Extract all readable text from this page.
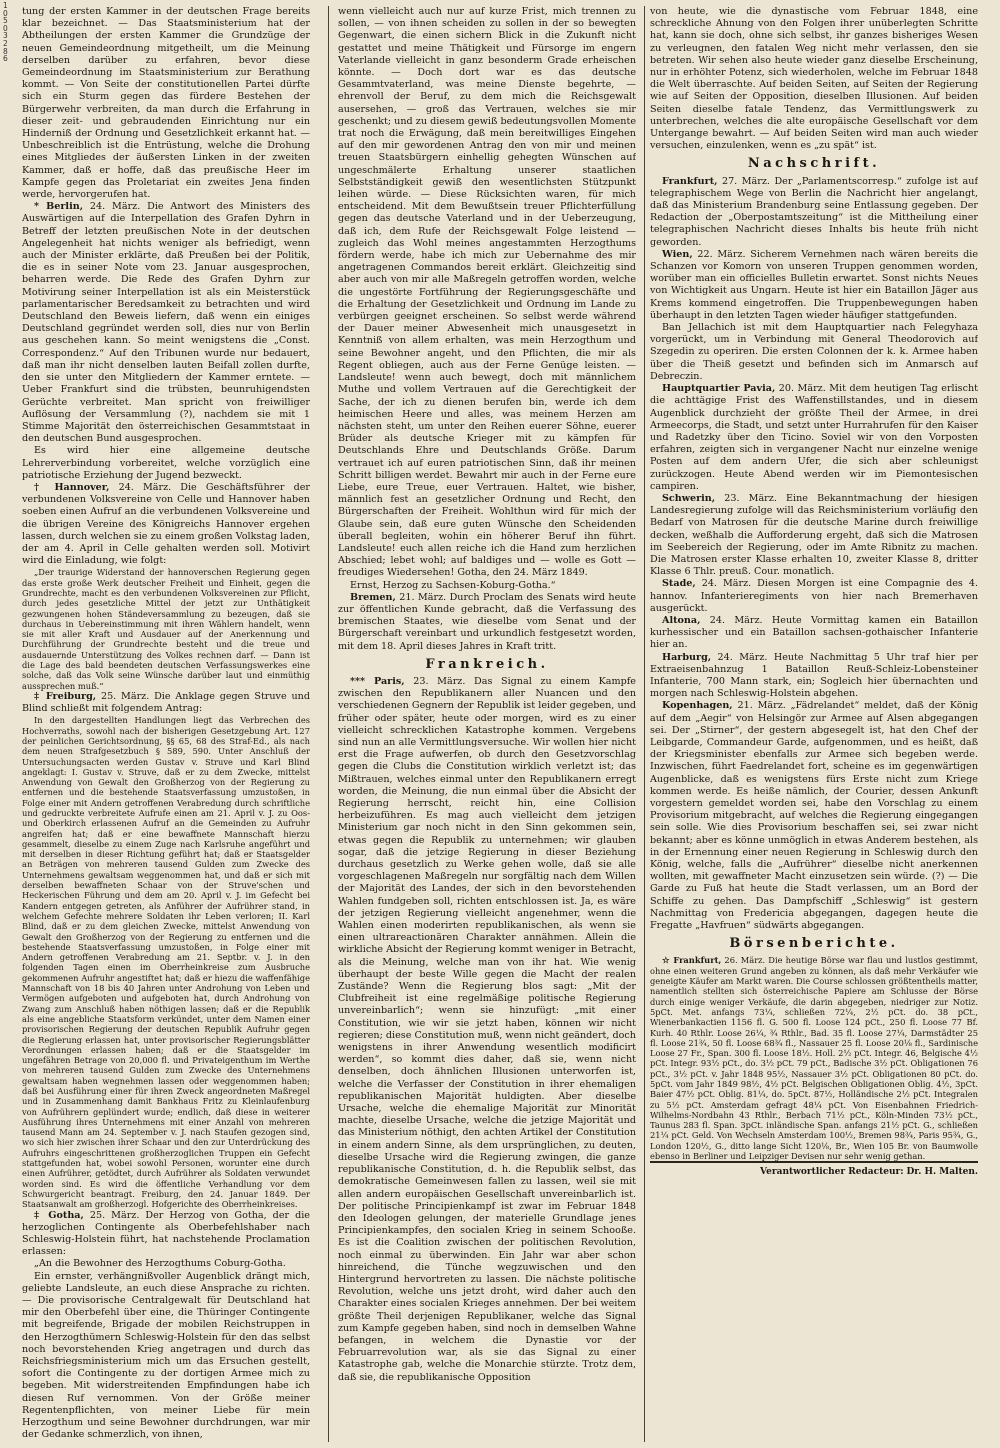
10503286

tung der ersten Kammer in der deutschen Frage bereits klar bezeichnet. — Das Staatsministerium hat der Abtheilungen der ersten Kammer die Grundzüge der neuen Gemeindeordnung mitgetheilt, um die Meinung derselben darüber zu erfahren, bevor diese Gemeindeordnung im Staatsministerium zur Berathung kommt. — Von Seite der constitutionellen Partei dürfte sich ein Sturm gegen das fürdere Bestehen der Bürgerwehr verbreiten, da man durch die Erfahrung in dieser zeit- und gebraudenden Einrichtung nur ein Hinderniß der Ordnung und Gesetzlichkeit erkannt hat. — Unbeschreiblich ist die Entrüstung, welche die Drohung eines Mitgliedes der äußersten Linken in der zweiten Kammer, daß er hoffe, daß das preußische Heer im Kampfe gegen das Proletariat ein zweites Jena finden werde, hervorgerufen hat.

* Berlin, 24. März. Die Antwort des Ministers des Auswärtigen auf die Interpellation des Grafen Dyhrn in Betreff der letzten preußischen Note in der deutschen Angelegenheit hat nichts weniger als befriedigt, wenn auch der Minister erklärte, daß Preußen bei der Politik, die es in seiner Note vom 23. Januar ausgesprochen, beharren werde. Die Rede des Grafen Dyhrn zur Motivirung seiner Interpellation ist als ein Meisterstück parlamentarischer Beredsamkeit zu betrachten und wird Deutschland den Beweis liefern, daß wenn ein einiges Deutschland gegründet werden soll, dies nur von Berlin aus geschehen kann. So meint wenigstens die „Const. Correspondenz.“ Auf den Tribunen wurde nur bedauert, daß man ihr nicht denselben lauten Beifall zollen durfte, den sie unter den Mitgliedern der Kammer erntete. — Ueber Frankfurt sind die trübsten, beunruhigendsten Gerüchte verbreitet. Man spricht von freiwilliger Auflösung der Versammlung (?), nachdem sie mit 1 Stimme Majorität den österreichischen Gesammtstaat in den deutschen Bund ausgesprochen.

Es wird hier eine allgemeine deutsche Lehrerverbindung vorbereitet, welche vorzüglich eine patriotische Erziehung der Jugend bezweckt.

† Hannover, 24. März. Die Geschäftsführer der verbundenen Volksvereine von Celle und Hannover haben soeben einen Aufruf an die verbundenen Volksvereine und die übrigen Vereine des Königreichs Hannover ergehen lassen, durch welchen sie zu einem großen Volkstag laden, der am 4. April in Celle gehalten werden soll. Motivirt wird die Einladung, wie folgt:

„Der traurige Widerstand der hannoverschen Regierung gegen das erste große Werk deutscher Freiheit und Einheit, gegen die Grundrechte, macht es den verbundenen Volksvereinen zur Pflicht, durch jedes gesetzliche Mittel der jetzt zur Unthätigkeit gezwungenen hohen Ständeversammlung zu bezeugen, daß sie durchaus in Uebereinstimmung mit ihren Wählern handelt, wenn sie mit aller Kraft und Ausdauer auf der Anerkennung und Durchführung der Grundrechte besteht und die treue und ausdauernde Unterstützung des Volkes rechnen darf. — Dann ist die Lage des bald beendeten deutschen Verfassungswerkes eine solche, daß das Volk seine Wünsche darüber laut und einmüthig aussprechen muß.“

‡ Freiburg, 25. März. Die Anklage gegen Struve und Blind schließt mit folgendem Antrag:

In den dargestellten Handlungen liegt das Verbrechen des Hochverraths, sowohl nach der bisherigen Gesetzgebung Art. 127 der peinlichen Gerichtsordnung, §§ 65, 68 des Straf-Ed., als nach dem neuen Strafgesetzbuch § 589, 590. Unter Anschluß der Untersuchungsacten werden Gustav v. Struve und Karl Blind angeklagt: I. Gustav v. Struve, daß er zu dem Zwecke, mittelst Anwendung von Gewalt den Großherzog von der Regierung zu entfernen und die bestehende Staatsverfassung umzustoßen, in Folge einer mit Andern getroffenen Verabredung durch schriftliche und gedruckte verbreitete Aufrufe einen am 21. April v. J. zu Oos- und Oberkirch erlassenen Aufruf an die Gemeinden zu Aufruhr angreifen hat; daß er eine bewaffnete Mannschaft hierzu gesammelt, dieselbe zu einem Zuge nach Karlsruhe angeführt und mit derselben in dieser Richtung geführt hat; daß er Staatsgelder an Beträgen von mehreren tausend Gulden zum Zwecke des Unternehmens gewaltsam weggenommen hat, und daß er sich mit derselben bewaffneten Schaar von der Struve'schen und Heckerischen Führung und dem am 20. April v. J. im Gefecht bei Kandern entgegen getreten, als Anführer der Aufrührer stand, in welchem Gefechte mehrere Soldaten ihr Leben verloren; II. Karl Blind, daß er zu dem gleichen Zwecke, mittelst Anwendung von Gewalt den Großherzog von der Regierung zu entfernen und die bestehende Staatsverfassung umzustoßen, in Folge einer mit Andern getroffenen Verabredung am 21. Septbr. v. J. in den folgenden Tagen einen im Oberrheinkreise zum Ausbruche gekommenen Aufruhr angestiftet hat; daß er hiezu die waffenfähige Mannschaft von 18 bis 40 Jahren unter Androhung von Leben und Vermögen aufgeboten und aufgeboten hat, durch Androhung von Zwang zum Anschluß haben nöthigen lassen; daß er die Republik als eine angebliche Staatsform verkündet, unter dem Namen einer provisorischen Regierung der deutschen Republik Aufruhr gegen die Regierung erlassen hat, unter provisorischer Regierungsblätter Verordnungen erlassen haben; daß er die Staatsgelder im ungefähren Betrage von 20,000 fl. und Privateigenthum im Werthe von mehreren tausend Gulden zum Zwecke des Unternehmens gewaltsam haben wegnehmen lassen oder weggenommen haben; daß bei Ausführung einer für ihren Zweck angeordneten Maßregel und in Zusammenhang damit Bankhaus Fritz zu Kleinlaufenburg von Aufrührern geplündert wurde; endlich, daß diese in weiterer Ausführung ihres Unternehmens mit einer Anzahl von mehreren tausend Mann am 24. September v. J. nach Staufen gezogen sind, wo sich hier zwischen ihrer Schaar und den zur Unterdrückung des Aufruhrs eingeschrittenen großherzoglichen Truppen ein Gefecht stattgefunden hat, wobei sowohl Personen, worunter eine durch einen Aufrührer, getödtet, durch Aufrührer als Soldaten verwundet worden sind. Es wird die öffentliche Verhandlung vor dem Schwurgericht beantragt. Freiburg, den 24. Januar 1849. Der Staatsanwalt am großherzogl. Hofgerichte des Oberrheinkreises.

‡ Gotha, 25. März. Der Herzog von Gotha, der die herzoglichen Contingente als Oberbefehlshaber nach Schleswig-Holstein führt, hat nachstehende Proclamation erlassen:

„An die Bewohner des Herzogthums Coburg-Gotha.

Ein ernster, verhängnißvoller Augenblick drängt mich, geliebte Landsleute, an euch diese Ansprache zu richten. — Die provisorische Centralgewalt für Deutschland hat mir den Oberbefehl über eine, die Thüringer Contingente mit begreifende, Brigade der mobilen Reichstruppen in den Herzogthümern Schleswig-Holstein für den das selbst noch bevorstehenden Krieg angetragen und durch das Reichsfriegsministerium mich um das Ersuchen gestellt, sofort die Contingente zu der dortigen Armee mich zu begeben. Mit widerstreitenden Empfindungen habe ich diesen Ruf vernommen. Von der Größe meiner Regentenpflichten, von meiner Liebe für mein Herzogthum und seine Bewohner durchdrungen, war mir der Gedanke schmerzlich, von ihnen,

wenn vielleicht auch nur auf kurze Frist, mich trennen zu sollen, — von ihnen scheiden zu sollen in der so bewegten Gegenwart, die einen sichern Blick in die Zukunft nicht gestattet und meine Thätigkeit und Fürsorge im engern Vaterlande vielleicht in ganz besonderm Grade erheischen könnte. — Doch dort war es das deutsche Gesammtvaterland, was meine Dienste begehrte, — ehrenvoll der Beruf, zu dem mich die Reichsgewalt ausersehen, — groß das Vertrauen, welches sie mir geschenkt; und zu diesem gewiß bedeutungsvollen Momente trat noch die Erwägung, daß mein bereitwilliges Eingehen auf den mir gewordenen Antrag den von mir und meinen treuen Staatsbürgern einhellig gehegten Wünschen auf ungeschmälerte Erhaltung unserer staatlichen Selbstständigkeit gewiß den wesentlichsten Stützpunkt leihen würde. — Diese Rücksichten waren, für mich entscheidend. Mit dem Bewußtsein treuer Pflichterfüllung gegen das deutsche Vaterland und in der Ueberzeugung, daß ich, dem Rufe der Reichsgewalt Folge leistend — zugleich das Wohl meines angestammten Herzogthums fördern werde, habe ich mich zur Uebernahme des mir angetragenen Commandos bereit erklärt. Gleichzeitig sind aber auch von mir alle Maßregeln getroffen worden, welche die ungestörte Fortführung der Regierungsgeschäfte und die Erhaltung der Gesetzlichkeit und Ordnung im Lande zu verbürgen geeignet erscheinen. So selbst werde während der Dauer meiner Abwesenheit mich unausgesetzt in Kenntniß von allem erhalten, was mein Herzogthum und seine Bewohner angeht, und den Pflichten, die mir als Regent obliegen, auch aus der Ferne Genüge leisten. — Landsleute! wenn auch bewegt, doch mit männlichem Muthe und vollem Vertrauen auf die Gerechtigkeit der Sache, der ich zu dienen berufen bin, werde ich dem heimischen Heere und alles, was meinem Herzen am nächsten steht, um unter den Reihen euerer Söhne, euerer Brüder als deutsche Krieger mit zu kämpfen für Deutschlands Ehre und Deutschlands Größe. Darum vertrauet ich auf euren patriotischen Sinn, daß ihr meinen Schritt billigen werdet. Bewahrt mir auch in der Ferne eure Liebe, eure Treue, euer Vertrauen. Haltet, wie bisher, männlich fest an gesetzlicher Ordnung und Recht, den Bürgerschaften der Freiheit. Wohlthun wird für mich der Glaube sein, daß eure guten Wünsche den Scheidenden überall begleiten, wohin ein höherer Beruf ihn führt. Landsleute! euch allen reiche ich die Hand zum herzlichen Abschied; lebet wohl; auf baldiges und — wolle es Gott — freudiges Wiedersehen! Gotha, den 24. März 1849.

Ernst, Herzog zu Sachsen-Koburg-Gotha.“

Bremen, 21. März. Durch Proclam des Senats wird heute zur öffentlichen Kunde gebracht, daß die Verfassung des bremischen Staates, wie dieselbe vom Senat und der Bürgerschaft vereinbart und urkundlich festgesetzt worden, mit dem 18. April dieses Jahres in Kraft tritt.

Frankreich.

*** Paris, 23. März. Das Signal zu einem Kampfe zwischen den Republikanern aller Nuancen und den verschiedenen Gegnern der Republik ist leider gegeben, und früher oder später, heute oder morgen, wird es zu einer vielleicht schrecklichen Katastrophe kommen. Vergebens sind nun an alle Vermittlungsversuche. Wir wollen hier nicht erst die Frage aufwerfen, ob durch den Gesetzvorschlag gegen die Clubs die Constitution wirklich verletzt ist; das Mißtrauen, welches einmal unter den Republikanern erregt worden, die Meinung, die nun einmal über die Absicht der Regierung herrscht, reicht hin, eine Collision herbeizuführen. Es mag auch vielleicht dem jetzigen Ministerium gar noch nicht in den Sinn gekommen sein, etwas gegen die Republik zu unternehmen; wir glauben sogar, daß die jetzige Regierung in dieser Beziehung durchaus gesetzlich zu Werke gehen wolle, daß sie alle vorgeschlagenen Maßregeln nur sorgfältig nach dem Willen der Majorität des Landes, der sich in den bevorstehenden Wahlen fundgeben soll, richten entschlossen ist. Ja, es wäre der jetzigen Regierung vielleicht angenehmer, wenn die Wahlen einen moderirten republikanischen, als wenn sie einen ultrareactionären Charakter annähmen. Allein die wirkliche Absicht der Regierung kommt weniger in Betracht, als die Meinung, welche man von ihr hat. Wie wenig überhaupt der beste Wille gegen die Macht der realen Zustände? Wenn die Regierung blos sagt: „Mit der Clubfreiheit ist eine regelmäßige politische Regierung unvereinbarlich“; wenn sie hinzufügt: „mit einer Constitution, wie wir sie jetzt haben, können wir nicht regieren; diese Constitution muß, wenn nicht geändert, doch wenigstens in ihrer Anwendung wesentlich modificirt werden“, so kommt dies daher, daß sie, wenn nicht denselben, doch ähnlichen Illusionen unterworfen ist, welche die Verfasser der Constitution in ihrer ehemaligen republikanischen Majorität huldigten. Aber dieselbe Ursache, welche die ehemalige Majorität zur Minorität machte, dieselbe Ursache, welche die jetzige Majorität und das Ministerium nöthigt, den achten Artikel der Constitution in einem andern Sinne, als dem ursprünglichen, zu deuten, dieselbe Ursache wird die Regierung zwingen, die ganze republikanische Constitution, d. h. die Republik selbst, das demokratische Gemeinwesen fallen zu lassen, weil sie mit allen andern europäischen Gesellschaft unvereinbarlich ist. Der politische Principienkampf ist zwar im Februar 1848 den Ideologen gelungen, der materielle Grundlage jenes Principienkampfes, den socialen Krieg in seinem Schooße. Es ist die Coalition zwischen der politischen Revolution, noch einmal zu überwinden. Ein Jahr war aber schon hinreichend, die Tünche wegzuwischen und den Hintergrund hervortreten zu lassen. Die nächste politische Revolution, welche uns jetzt droht, wird daher auch den Charakter eines socialen Krieges annehmen. Der bei weitem größte Theil derjenigen Republikaner, welche das Signal zum Kampfe gegeben haben, sind noch in demselben Wahne befangen, in welchem die Dynastie vor der Februarrevolution war, als sie das Signal zu einer Katastrophe gab, welche die Monarchie stürzte. Trotz dem, daß sie, die republikanische Opposition

von heute, wie die dynastische vom Februar 1848, eine schreckliche Ahnung von den Folgen ihrer unüberlegten Schritte hat, kann sie doch, ohne sich selbst, ihr ganzes bisheriges Wesen zu verleugnen, den fatalen Weg nicht mehr verlassen, den sie betreten. Wir sehen also heute wieder ganz dieselbe Erscheinung, nur in erhöhter Potenz, sich wiederholen, welche im Februar 1848 die Welt überraschte. Auf beiden Seiten, auf Seiten der Regierung wie auf Seiten der Opposition, dieselben Illusionen. Auf beiden Seiten dieselbe fatale Tendenz, das Vermittlungswerk zu unterbrechen, welches die alte europäische Gesellschaft vor dem Untergange bewahrt. — Auf beiden Seiten wird man auch wieder versuchen, einzulenken, wenn es „zu spät“ ist.

Nachschrift.

Frankfurt, 27. März. Der „Parlamentscorresp.“ zufolge ist auf telegraphischem Wege von Berlin die Nachricht hier angelangt, daß das Ministerium Brandenburg seine Entlassung gegeben. Der Redaction der „Oberpostamtszeitung“ ist die Mittheilung einer telegraphischen Nachricht dieses Inhalts bis heute früh nicht geworden.

Wien, 22. März. Sicherem Vernehmen nach wären bereits die Schanzen vor Komorn von unseren Truppen genommen worden, worüber man ein officielles Bulletin erwartet. Sonst nichts Neues von Wichtigkeit aus Ungarn. Heute ist hier ein Bataillon Jäger aus Krems kommend eingetroffen. Die Truppenbewegungen haben überhaupt in den letzten Tagen wieder häufiger stattgefunden.

Ban Jellachich ist mit dem Hauptquartier nach Felegyhaza vorgerückt, um in Verbindung mit General Theodorovich auf Szegedin zu operiren. Die ersten Colonnen der k. k. Armee haben über die Theiß gesetzt und befinden sich im Anmarsch auf Debreczin.

Hauptquartier Pavia, 20. März. Mit dem heutigen Tag erlischt die achttägige Frist des Waffenstillstandes, und in diesem Augenblick durchzieht der größte Theil der Armee, in drei Armeecorps, die Stadt, und setzt unter Hurrahrufen für den Kaiser und Radetzky über den Ticino. Soviel wir von den Vorposten erfahren, zeigten sich in vergangener Nacht nur einzelne wenige Posten auf dem andern Ufer, die sich aber schleunigst zurückzogen. Heute Abend werden wir im Piemontesischen campiren.

Schwerin, 23. März. Eine Bekanntmachung der hiesigen Landesregierung zufolge will das Reichsministerium vorläufig den Bedarf von Matrosen für die deutsche Marine durch freiwillige decken, weßhalb die Aufforderung ergeht, daß sich die Matrosen im Seebereich der Regierung, oder im Amte Ribnitz zu machen. Die Matrosen erster Klasse erhalten 10, zweiter Klasse 8, dritter Klasse 6 Thlr. preuß. Cour. monatlich.

Stade, 24. März. Diesen Morgen ist eine Compagnie des 4. hannov. Infanterieregiments von hier nach Bremerhaven ausgerückt.

Altona, 24. März. Heute Vormittag kamen ein Bataillon kurhessischer und ein Bataillon sachsen-gothaischer Infanterie hier an.

Harburg, 24. März. Heute Nachmittag 5 Uhr traf hier per Extraeisenbahnzug 1 Bataillon Reuß-Schleiz-Lobensteiner Infanterie, 700 Mann stark, ein; Sogleich hier übernachten und morgen nach Schleswig-Holstein abgehen.

Kopenhagen, 21. März. „Fädrelandet“ meldet, daß der König auf dem „Aegir“ von Helsingör zur Armee auf Alsen abgegangen sei. Der „Stirner“, der gestern abgesegelt ist, hat den Chef der Leibgarde, Commandeur Garde, aufgenommen, und es heißt, daß der Kriegsminister ebenfalls zur Armee sich begeben werde. Inzwischen, führt Faedrelandet fort, scheine es im gegenwärtigen Augenblicke, daß es wenigstens fürs Erste nicht zum Kriege kommen werde. Es heiße nämlich, der Courier, dessen Ankunft vorgestern gemeldet worden sei, habe den Vorschlag zu einem Provisorium mitgebracht, auf welches die Regierung eingegangen sein solle. Wie dies Provisorium beschaffen sei, sei zwar nicht bekannt; aber es könne unmöglich in etwas Anderem bestehen, als in der Ernennung einer neuen Regierung in Schleswig durch den König, welche, falls die „Aufrührer“ dieselbe nicht anerkennen wollten, mit gewaffneter Macht einzusetzen sein würde. (?) — Die Garde zu Fuß hat heute die Stadt verlassen, um an Bord der Schiffe zu gehen. Das Dampfschiff „Schleswig“ ist gestern Nachmittag von Fredericia abgegangen, dagegen heute die Fregatte „Havfruen“ südwärts abgegangen.

Börsenberichte.

☆ Frankfurt, 26. März. Die heutige Börse war flau und lustlos gestimmt, ohne einen weiteren Grund angeben zu können, als daß mehr Verkäufer wie geneigte Käufer am Markt waren. Die Course schlossen größtentheils matter, namentlich stellten sich österreichische Papiere am Schlusse der Börse durch einige weniger Verkäufe, die darin abgegeben, niedriger zur Notiz. 5pCt. Met. anfangs 73¼, schließen 72¼, 2½ pCt. do. 38 pCt., Wienerbankactien 1156 fl. G. 500 fl. Loose 124 pCt., 250 fl. Loose 77 Bf. Kurh. 40 Rthlr. Loose 26¼, ¾ Rthlr., Bad. 35 fl. Loose 27¼, Darmstädter 25 fl. Loose 21¾, 50 fl. Loose 68¾ fl., Nassauer 25 fl. Loose 20⅛ fl., Sardinische Loose 27 Fr., Span. 300 fl. Loose 18½. Holl. 2½ pCt. Integr. 46, Belgische 4½ pCt. Integr. 93½ pCt., do. 3½ pCt. 79 pCt., Badische 3½ pCt. Obligationen 76 pCt., 3½ pCt. v. Jahr 1848 95½, Nassauer 3½ pCt. Obligationen 80 pCt. do. 5pCt. vom Jahr 1849 98½, 4½ pCt. Belgischen Obligationen Oblig. 4½, 3pCt. Baier 47½ pCt. Oblig. 81¼, do. 5pCt. 87½, Holländische 2½ pCt. Integralen zu 5½ pCt. Amsterdam gefragt 48¼ pCt. Von Eisenbahnen Friedrich-Wilhelms-Nordbahn 43 Rthlr., Berbach 71½ pCt., Köln-Minden 73½ pCt., Taunus 283 fl. Span. 3pCt. inländische Span. anfangs 21½ pCt. G., schließen 21¼ pCt. Geld. Von Wechseln Amsterdam 100½, Bremen 98¾, Paris 95¾, G., London 120½, G., ditto lange Sicht 120⅛, Br., Wien 105 Br. von Baumwolle ebenso in Berliner und Leipziger Devisen nur sehr wenig gethan.

Verantwortlicher Redacteur: Dr. H. Malten.
